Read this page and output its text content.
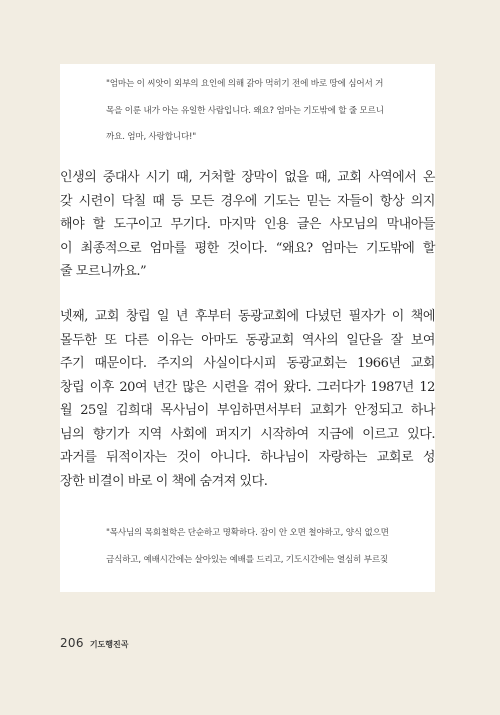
"엄마는 이 씨앗이 외부의 요인에 의해 갉아 먹히기 전에 바로 땅에 심어서 거
목을 이룬 내가 아는 유일한 사람입니다. 왜요? 엄마는 기도밖에 할 줄 모르니
까요. 엄마, 사랑합니다!"
인생의 중대사 시기 때, 거처할 장막이 없을 때, 교회 사역에서 온
갖 시련이 닥칠 때 등 모든 경우에 기도는 믿는 자들이 항상 의지
해야 할 도구이고 무기다. 마지막 인용 글은 사모님의 막내아들
이 최종적으로 엄마를 평한 것이다. “왜요? 엄마는 기도밖에 할
줄 모르니까요.”
넷째, 교회 창립 일 년 후부터 동광교회에 다녔던 필자가 이 책에
몰두한 또 다른 이유는 아마도 동광교회 역사의 일단을 잘 보여
주기 때문이다. 주지의 사실이다시피 동광교회는 1966년 교회
창립 이후 20여 년간 많은 시련을 겪어 왔다. 그러다가 1987년 12
월 25일 김희대 목사님이 부임하면서부터 교회가 안정되고 하나
님의 향기가 지역 사회에 퍼지기 시작하여 지금에 이르고 있다.
과거를 뒤적이자는 것이 아니다. 하나님이 자랑하는 교회로 성
장한 비결이 바로 이 책에 숨겨져 있다.
"목사님의 목회철학은 단순하고 명확하다. 잠이 안 오면 철야하고, 양식 없으면
금식하고, 예배시간에는 살아있는 예배를 드리고, 기도시간에는 열심히 부르짖
206 기도행진곡
